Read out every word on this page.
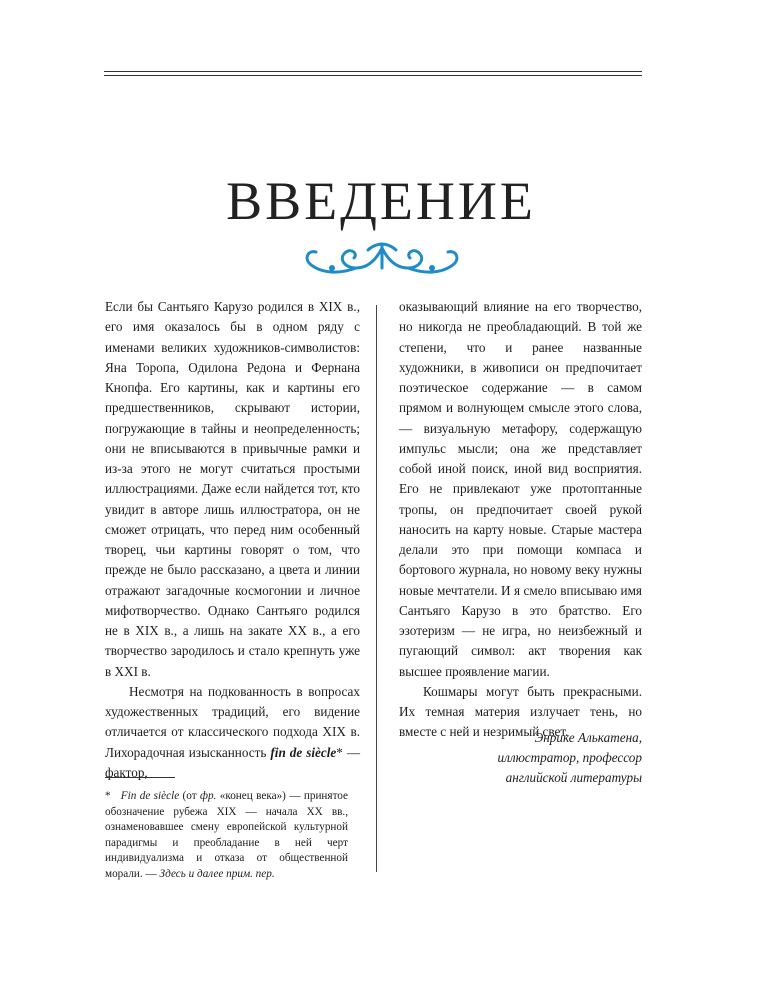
ВВЕДЕНИЕ

Если бы Сантьяго Карузо родился в XIX в., его имя оказалось бы в одном ряду с именами великих художников-символистов: Яна Торопа, Одилона Редона и Фернана Кнопфа. Его картины, как и картины его предшественников, скрывают истории, погружающие в тайны и неопределенность; они не вписываются в привычные рамки и из-за этого не могут считаться простыми иллюстрациями. Даже если найдется тот, кто увидит в авторе лишь иллюстратора, он не сможет отрицать, что перед ним особенный творец, чьи картины говорят о том, что прежде не было рассказано, а цвета и линии отражают загадочные космогонии и личное мифотворчество. Однако Сантьяго родился не в XIX в., а лишь на закате XX в., а его творчество зародилось и стало крепнуть уже в XXI в.

Несмотря на подкованность в вопросах художественных традиций, его видение отличается от классического подхода XIX в. Лихорадочная изысканность fin de siècle* — фактор,

оказывающий влияние на его творчество, но никогда не преобладающий. В той же степени, что и ранее названные художники, в живописи он предпочитает поэтическое содержание — в самом прямом и волнующем смысле этого слова, — визуальную метафору, содержащую импульс мысли; она же представляет собой иной поиск, иной вид восприятия. Его не привлекают уже протоптанные тропы, он предпочитает своей рукой наносить на карту новые. Старые мастера делали это при помощи компаса и бортового журнала, но новому веку нужны новые мечтатели. И я смело вписываю имя Сантьяго Карузо в это братство. Его эзотеризм — не игра, но неизбежный и пугающий символ: акт творения как высшее проявление магии.

Кошмары могут быть прекрасными. Их темная материя излучает тень, но вместе с ней и незримый свет.

Энрике Алькатена,
иллюстратор, профессор
английской литературы
* Fin de siècle (от фр. «конец века») — принятое обозначение рубежа XIX — начала XX вв., ознаменовавшее смену европейской культурной парадигмы и преобладание в ней черт индивидуализма и отказа от общественной морали. — Здесь и далее прим. пер.
